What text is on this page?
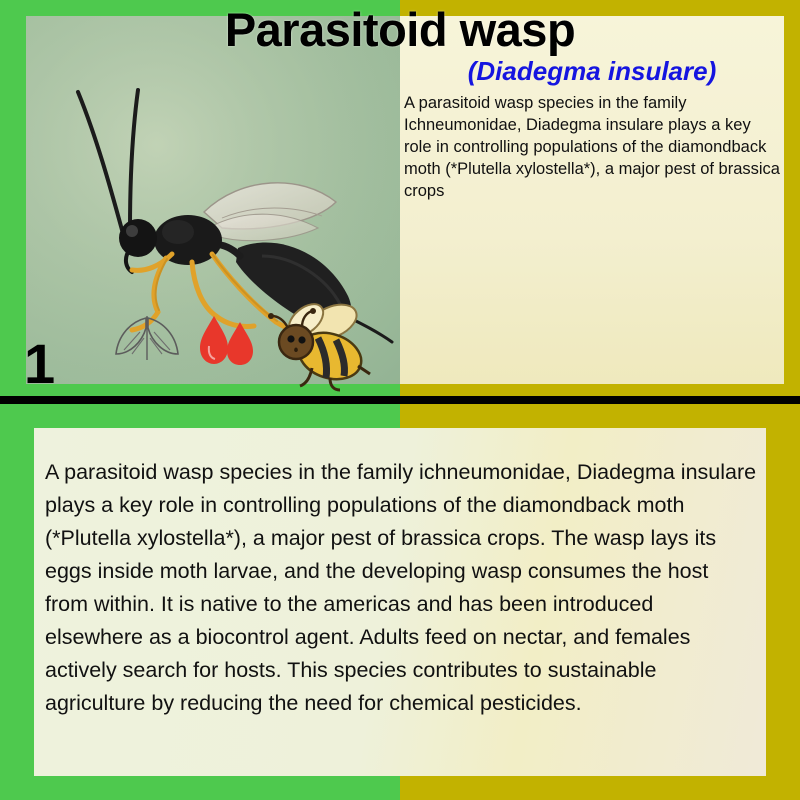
Parasitoid wasp
(Diadegma insulare)
A parasitoid wasp species in the family Ichneumonidae, Diadegma insulare plays a key role in controlling populations of the diamondback moth (*Plutella xylostella*), a major pest of brassica crops
1
A parasitoid wasp species in the family ichneumonidae, Diadegma insulare plays a key role in controlling populations of the diamondback moth (*Plutella xylostella*), a major pest of brassica crops. The wasp lays its eggs inside moth larvae, and the developing wasp consumes the host from within. It is native to the americas and has been introduced elsewhere as a biocontrol agent. Adults feed on nectar, and females actively search for hosts. This species contributes to sustainable agriculture by reducing the need for chemical pesticides.
